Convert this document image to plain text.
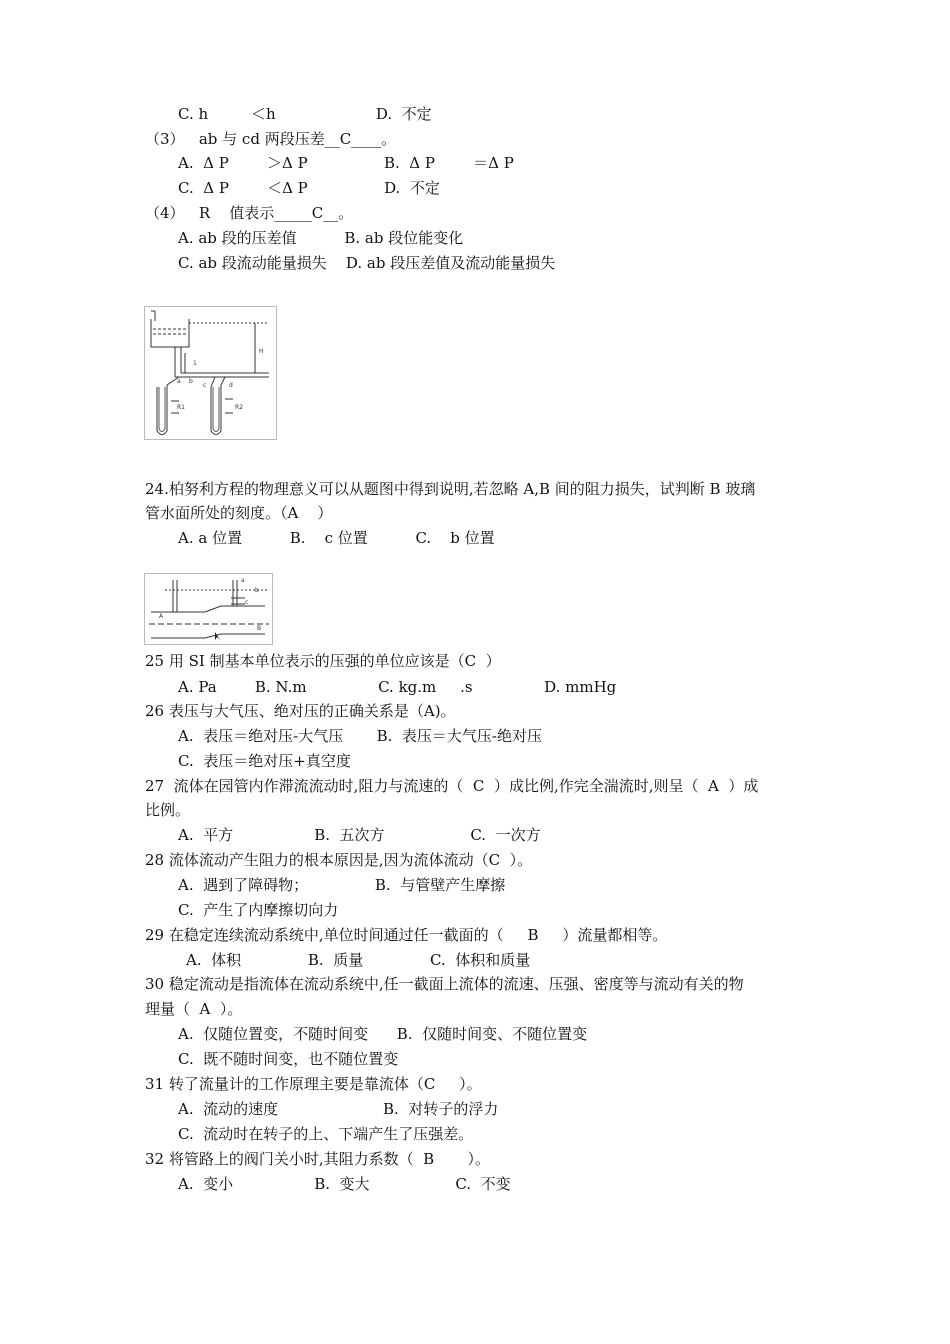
C. h         ＜h                     D.  不定
（3）   ab 与 cd 两段压差__C____。
A.  Δ P        ＞Δ P                B.  Δ P        ＝Δ P
C.  Δ P        ＜Δ P                D.  不定
（4）   R    值表示_____C__。
A. ab 段的压差值          B. ab 段位能变化
C. ab 段流动能量损失    D. ab 段压差值及流动能量损失
H
1
a b
c	d
R1	R2
24.柏努利方程的物理意义可以从题图中得到说明,若忽略 A,B 间的阻力损失，试判断 B 玻璃
管水面所处的刻度。（A    ）
A. a 位置          B.    c 位置          C.    b 位置
a
b
c
A
B
25 用 SI 制基本单位表示的压强的单位应该是（C  ）
A. Pa        B. N.m               C. kg.m     .s               D. mmHg
26 表压与大气压、绝对压的正确关系是（A)。
A.  表压＝绝对压-大气压       B.  表压＝大气压-绝对压
C.  表压＝绝对压+真空度
27  流体在园管内作滞流流动时,阻力与流速的（  C  ）成比例,作完全湍流时,则呈（  A  ）成
比例。
A.  平方                 B.  五次方                  C.  一次方
28 流体流动产生阻力的根本原因是,因为流体流动（C  ）。
A.  遇到了障碍物；              B.  与管壁产生摩擦
C.  产生了内摩擦切向力
29 在稳定连续流动系统中,单位时间通过任一截面的（     B     ）流量都相等。
A.  体积              B.  质量              C.  体积和质量
30 稳定流动是指流体在流动系统中,任一截面上流体的流速、压强、密度等与流动有关的物
理量（  A  ）。
A.  仅随位置变，不随时间变      B.  仅随时间变、不随位置变
C.  既不随时间变，也不随位置变
31 转了流量计的工作原理主要是靠流体（C     ）。
A.  流动的速度                      B.  对转子的浮力
C.  流动时在转子的上、下端产生了压强差。
32 将管路上的阀门关小时,其阻力系数（  B       ）。
A.  变小                 B.  变大                  C.  不变
